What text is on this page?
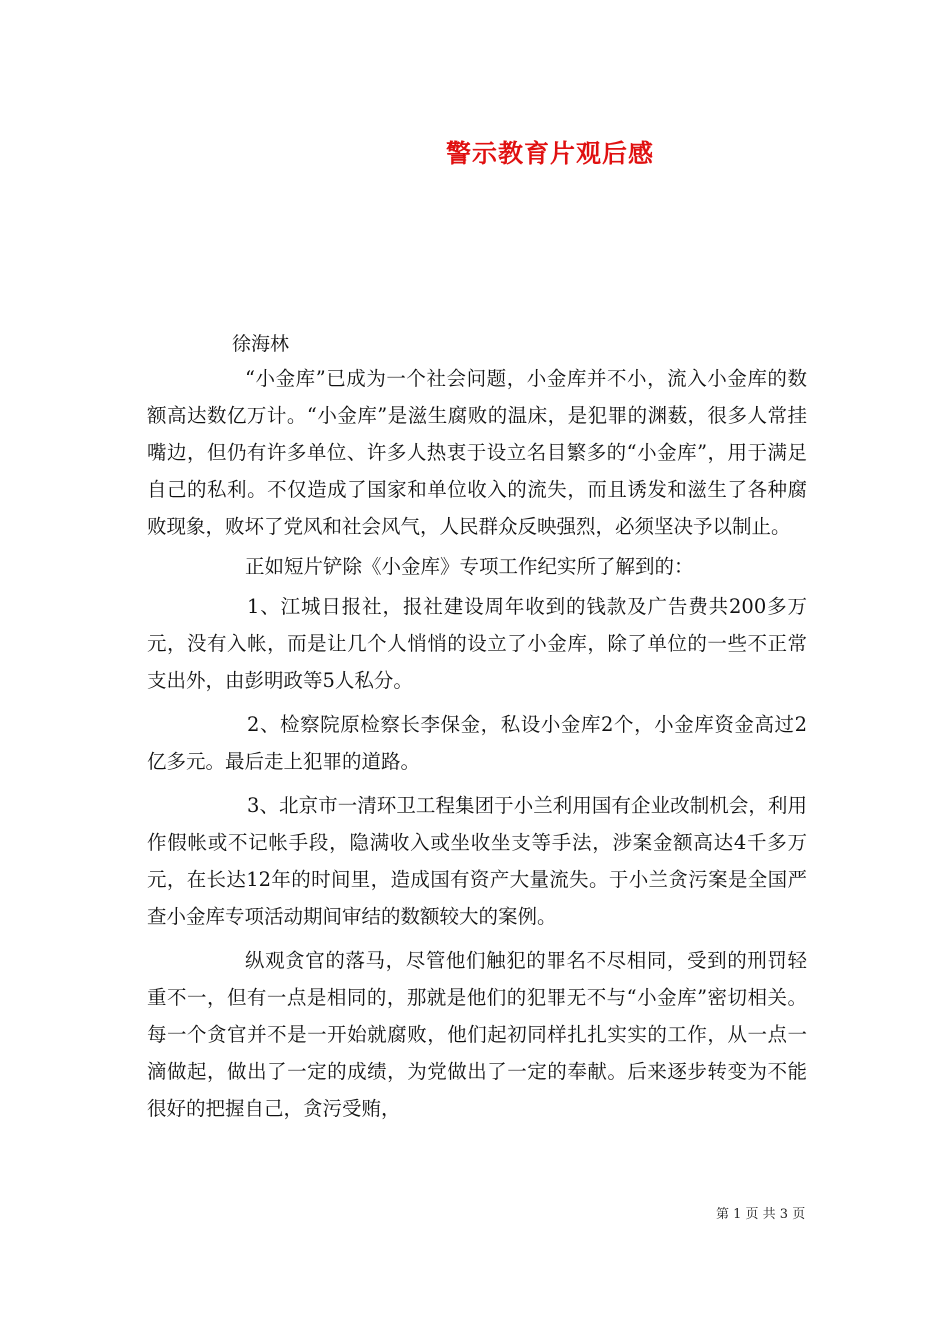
警示教育片观后感
徐海林

“小金库”已成为一个社会问题，小金库并不小，流入小金库的数额高达数亿万计。“小金库”是滋生腐败的温床，是犯罪的渊薮，很多人常挂嘴边，但仍有许多单位、许多人热衷于设立名目繁多的“小金库”，用于满足自己的私利。不仅造成了国家和单位收入的流失，而且诱发和滋生了各种腐败现象，败坏了党风和社会风气，人民群众反映强烈，必须坚决予以制止。

正如短片铲除《小金库》专项工作纪实所了解到的：

1、江城日报社，报社建设周年收到的钱款及广告费共200多万元，没有入帐，而是让几个人悄悄的设立了小金库，除了单位的一些不正常支出外，由彭明政等5人私分。

2、检察院原检察长李保金，私设小金库2个，小金库资金高过2亿多元。最后走上犯罪的道路。

3、北京市一清环卫工程集团于小兰利用国有企业改制机会，利用作假帐或不记帐手段，隐满收入或坐收坐支等手法，涉案金额高达4千多万元，在长达12年的时间里，造成国有资产大量流失。于小兰贪污案是全国严查小金库专项活动期间审结的数额较大的案例。

纵观贪官的落马，尽管他们触犯的罪名不尽相同，受到的刑罚轻重不一，但有一点是相同的，那就是他们的犯罪无不与“小金库”密切相关。每一个贪官并不是一开始就腐败，他们起初同样扎扎实实的工作，从一点一滴做起，做出了一定的成绩，为党做出了一定的奉献。后来逐步转变为不能很好的把握自己，贪污受贿，

第 1 页 共 3 页
